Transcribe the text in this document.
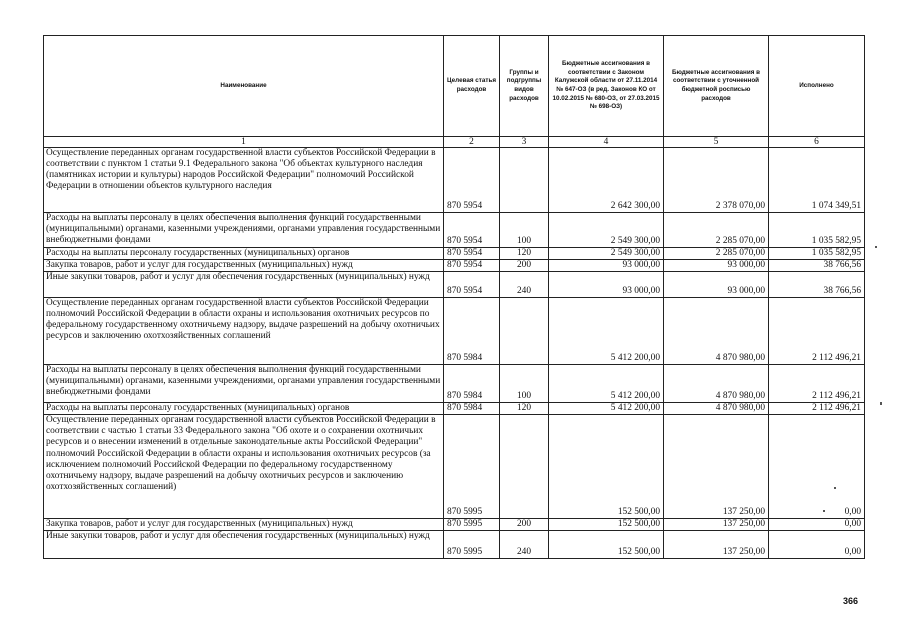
Наименование	Целевая статья расходов	Группы и подгруппы видов расходов	Бюджетные ассигнования в соответствии с Законом Калужской области от 27.11.2014 № 647-ОЗ (в ред. Законов КО от 10.02.2015 № 680-ОЗ, от 27.03.2015 № 698-ОЗ)	Бюджетные ассигнования в соответствии с уточненной бюджетной росписью расходов	Исполнено
1	2	3	4	5	6
Осуществление переданных органам государственной власти субъектов Российской Федерации в соответствии с пунктом 1 статьи 9.1 Федерального закона "Об объектах культурного наследия (памятниках истории и культуры) народов Российской Федерации" полномочий Российской Федерации в отношении объектов культурного наследия	870 5954		2 642 300,00	2 378 070,00	1 074 349,51
Расходы на выплаты персоналу в целях обеспечения выполнения функций государственными (муниципальными) органами, казенными учреждениями, органами управления государственными внебюджетными фондами	870 5954	100	2 549 300,00	2 285 070,00	1 035 582,95
Расходы на выплаты персоналу государственных (муниципальных) органов	870 5954	120	2 549 300,00	2 285 070,00	1 035 582,95
Закупка товаров, работ и услуг для государственных (муниципальных) нужд	870 5954	200	93 000,00	93 000,00	38 766,56
Иные закупки товаров, работ и услуг для обеспечения государственных (муниципальных) нужд	870 5954	240	93 000,00	93 000,00	38 766,56
Осуществление переданных органам государственной власти субъектов Российской Федерации полномочий Российской Федерации в области охраны и использования охотничьих ресурсов по федеральному государственному охотничьему надзору, выдаче разрешений на добычу охотничьих ресурсов и заключению охотхозяйственных соглашений	870 5984		5 412 200,00	4 870 980,00	2 112 496,21
Расходы на выплаты персоналу в целях обеспечения выполнения функций государственными (муниципальными) органами, казенными учреждениями, органами управления государственными внебюджетными фондами	870 5984	100	5 412 200,00	4 870 980,00	2 112 496,21
Расходы на выплаты персоналу государственных (муниципальных) органов	870 5984	120	5 412 200,00	4 870 980,00	2 112 496,21
Осуществление переданных органам государственной власти субъектов Российской Федерации в соответствии с частью 1 статьи 33 Федерального закона "Об охоте и о сохранении охотничьих ресурсов и о внесении изменений в отдельные законодательные акты Российской Федерации" полномочий Российской Федерации в области охраны и использования охотничьих ресурсов (за исключением полномочий Российской Федерации по федеральному государственному охотничьему надзору, выдаче разрешений на добычу охотничьих ресурсов и заключению охотхозяйственных соглашений)	870 5995		152 500,00	137 250,00	0,00
Закупка товаров, работ и услуг для государственных (муниципальных) нужд	870 5995	200	152 500,00	137 250,00	0,00
Иные закупки товаров, работ и услуг для обеспечения государственных (муниципальных) нужд	870 5995	240	152 500,00	137 250,00	0,00
366
